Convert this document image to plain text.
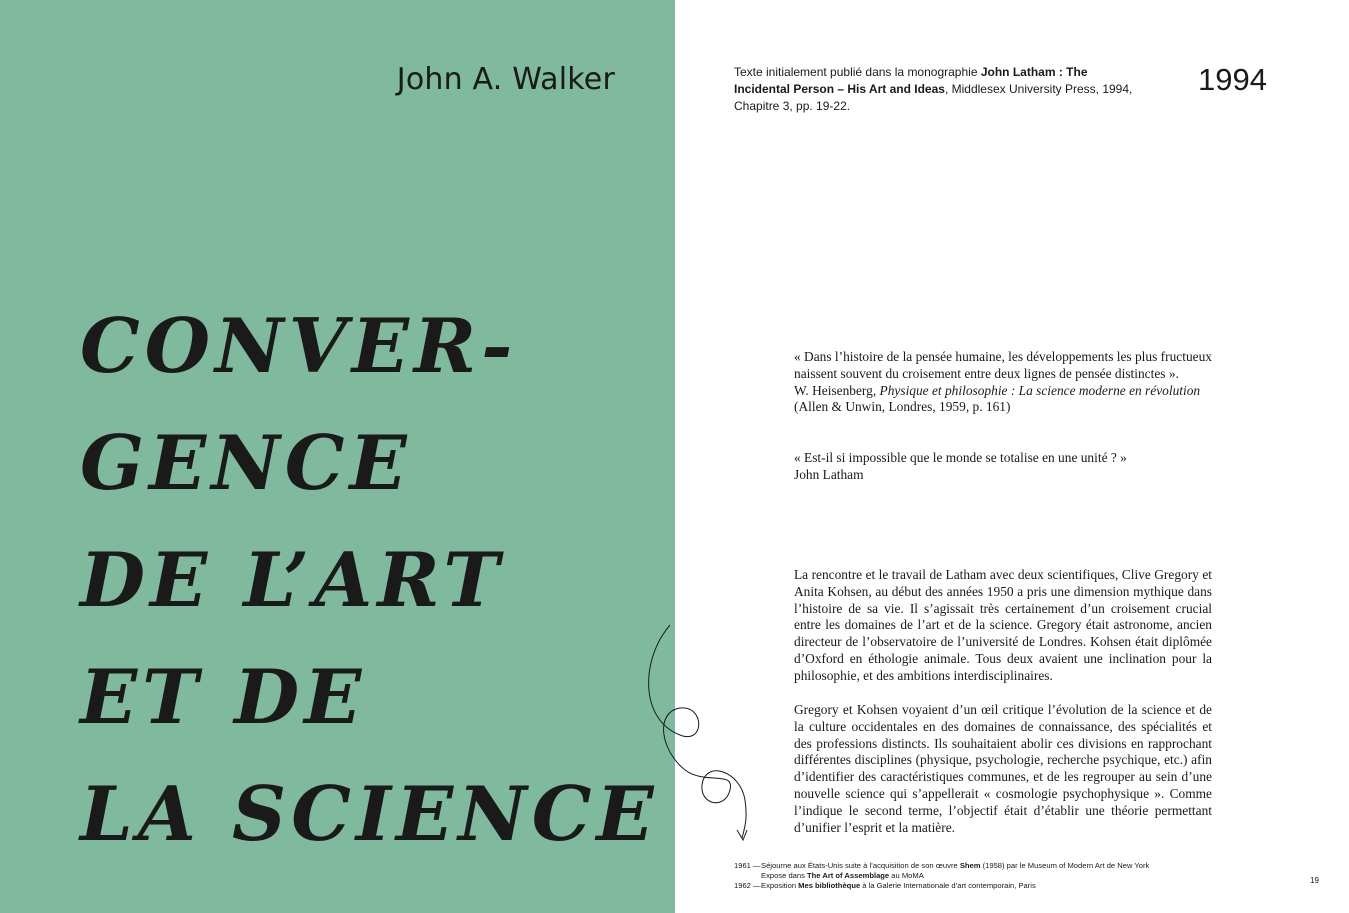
John A. Walker
CONVER-
GENCE
DE L’ART
ET DE
LA SCIENCE
Texte initialement publié dans la monographie John Latham : The Incidental Person – His Art and Ideas, Middlesex University Press, 1994, Chapitre 3, pp. 19-22.
1994

« Dans l’histoire de la pensée humaine, les développements les plus fructueux naissent souvent du croisement entre deux lignes de pensée distinctes ».
W. Heisenberg, Physique et philosophie : La science moderne en révolution
(Allen & Unwin, Londres, 1959, p. 161)

« Est-il si impossible que le monde se totalise en une unité ? »
John Latham

La rencontre et le travail de Latham avec deux scientifiques, Clive Gregory et Anita Kohsen, au début des années 1950 a pris une dimension mythique dans l’histoire de sa vie. Il s’agissait très certainement d’un croisement crucial entre les domaines de l’art et de la science. Gregory était astronome, ancien directeur de l’observatoire de l’université de Londres. Kohsen était diplômée d’Oxford en éthologie animale. Tous deux avaient une inclination pour la philosophie, et des ambitions interdisciplinaires.

Gregory et Kohsen voyaient d’un œil critique l’évolution de la science et de la culture occidentales en des domaines de connaissance, des spécialités et des professions distincts. Ils souhaitaient abolir ces divisions en rapprochant différentes disciplines (physique, psychologie, recherche psychique, etc.) afin d’identifier des caractéristiques communes, et de les regrouper au sein d’une nouvelle science qui s’appellerait « cosmologie psychophysique ». Comme l’indique le second terme, l’objectif était d’établir une théorie permettant d’unifier l’esprit et la matière.

1961 — Séjourne aux États-Unis suite à l’acquisition de son œuvre Shem (1958) par le Museum of Modern Art de New York
Expose dans The Art of Assemblage au MoMA
1962 — Exposition Mes bibliothèque à la Galerie Internationale d’art contemporain, Paris
19
